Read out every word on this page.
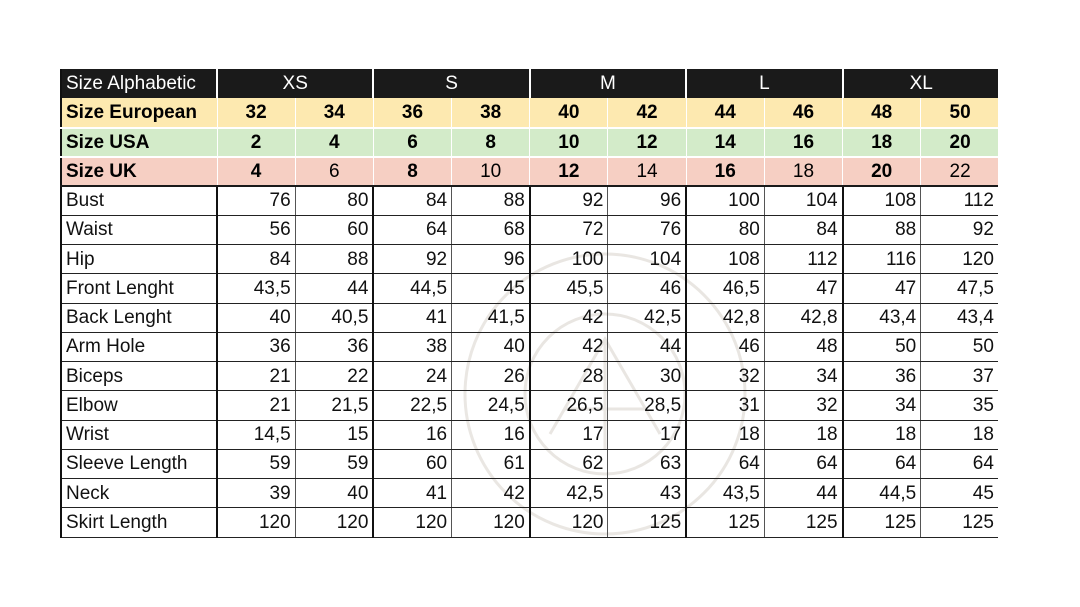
Size Alphabetic	XS		S		M		L		XL	
Size European	32	34	36	38	40	42	44	46	48	50
Size USA	2	4	6	8	10	12	14	16	18	20
Size UK	4	6	8	10	12	14	16	18	20	22
Bust	76	80	84	88	92	96	100	104	108	112
Waist	56	60	64	68	72	76	80	84	88	92
Hip	84	88	92	96	100	104	108	112	116	120
Front Lenght	43,5	44	44,5	45	45,5	46	46,5	47	47	47,5
Back Lenght	40	40,5	41	41,5	42	42,5	42,8	42,8	43,4	43,4
Arm Hole	36	36	38	40	42	44	46	48	50	50
Biceps	21	22	24	26	28	30	32	34	36	37
Elbow	21	21,5	22,5	24,5	26,5	28,5	31	32	34	35
Wrist	14,5	15	16	16	17	17	18	18	18	18
Sleeve Length	59	59	60	61	62	63	64	64	64	64
Neck	39	40	41	42	42,5	43	43,5	44	44,5	45
Skirt Length	120	120	120	120	120	125	125	125	125	125
